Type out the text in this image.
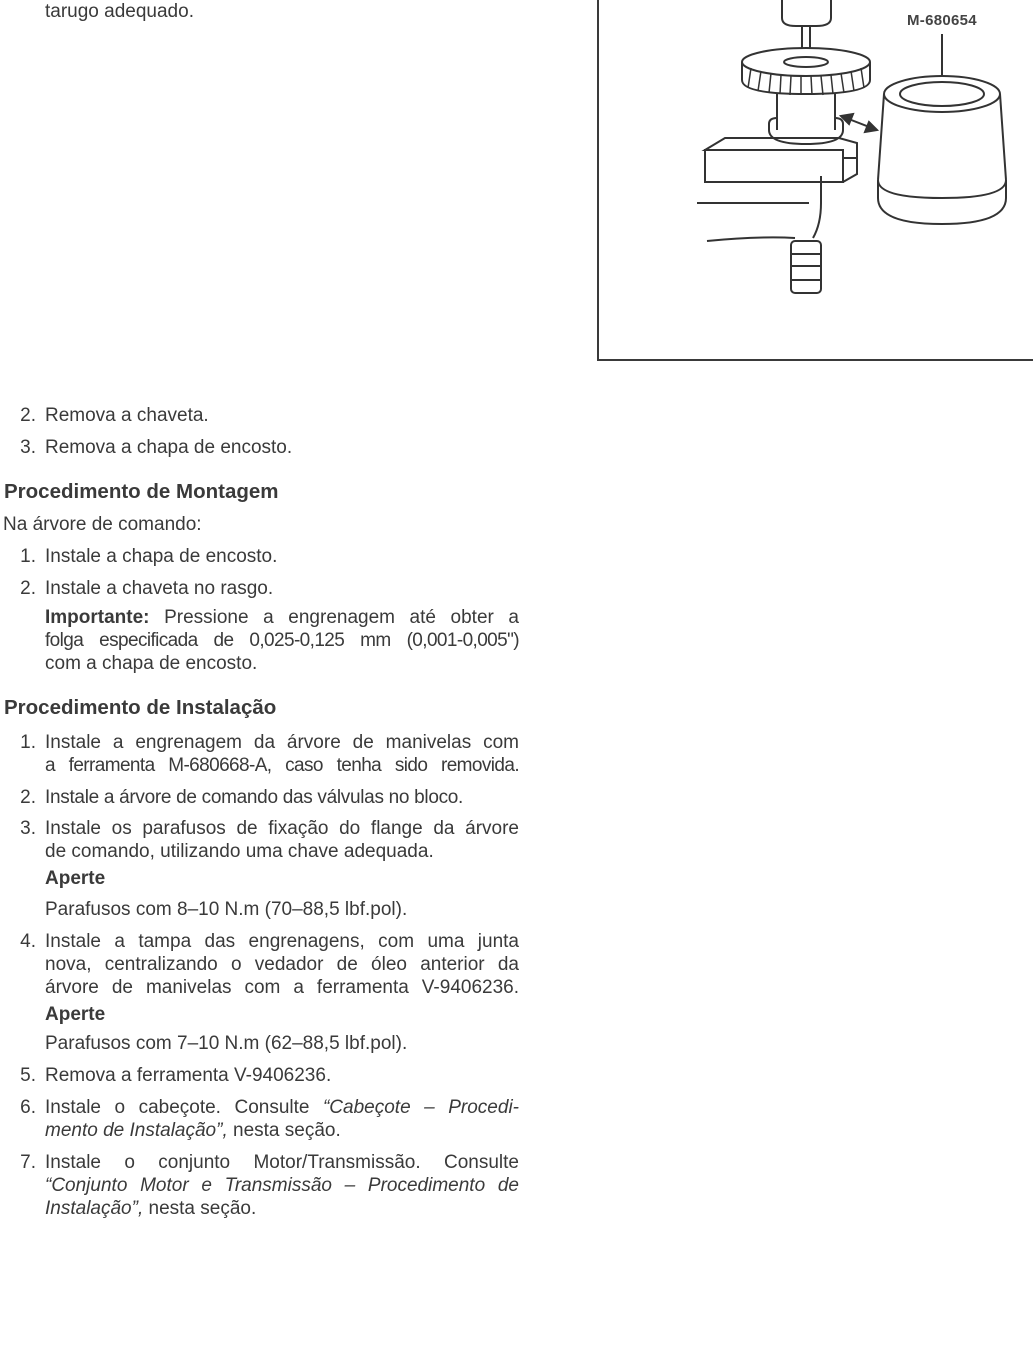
tarugo adequado.
2. Remova a chaveta.
3. Remova a chapa de encosto.
Procedimento de Montagem
Na árvore de comando:
1. Instale a chapa de encosto.
2. Instale a chaveta no rasgo.
Importante: Pressione a engrenagem até obter a
folga especificada de 0,025-0,125 mm (0,001-0,005")
com a chapa de encosto.
Procedimento de Instalação
1. Instale a engrenagem da árvore de manivelas com
a ferramenta M-680668-A, caso tenha sido removida.
2. Instale a árvore de comando das válvulas no bloco.
3. Instale os parafusos de fixação do flange da árvore
de comando, utilizando uma chave adequada.
Aperte
Parafusos com 8–10 N.m (70–88,5 lbf.pol).
4. Instale a tampa das engrenagens, com uma junta
nova, centralizando o vedador de óleo anterior da
árvore de manivelas com a ferramenta V-9406236.
Aperte
Parafusos com 7–10 N.m (62–88,5 lbf.pol).
5. Remova a ferramenta V-9406236.
6. Instale o cabeçote. Consulte “Cabeçote – Procedi-
mento de Instalação”, nesta seção.
7. Instale o conjunto Motor/Transmissão. Consulte
“Conjunto Motor e Transmissão – Procedimento de
Instalação”, nesta seção.
M-680654
